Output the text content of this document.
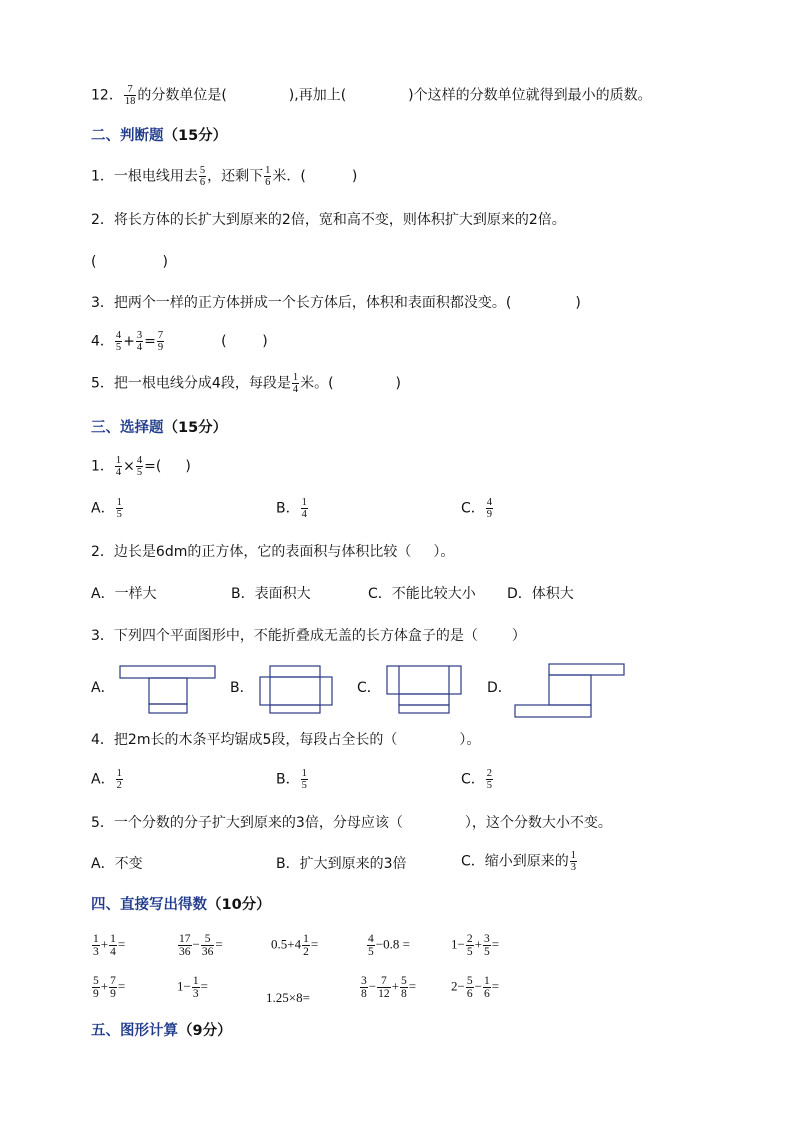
12． $\frac{7}{18}$ 的分数单位是(	),再加上(	)个这样的分数单位就得到最小的质数。
二、判断题（15分）
1．一根电线用去 $\frac{5}{6}$ ，还剩下 $\frac{1}{6}$ 米．(	)
2．将长方体的长扩大到原来的2倍，宽和高不变，则体积扩大到原来的2倍。
(	)
3．把两个一样的正方体拼成一个长方体后，体积和表面积都没变。(	)
4． $\frac{4}{5} + \frac{3}{4} = \frac{7}{9}$	(        )
5．把一根电线分成4段，每段是 $\frac{1}{4}$ 米。(	)
三、选择题（15分）
1． $\frac{1}{4} \times \frac{4}{5}$ =( )
A． $\frac{1}{5}$	B． $\frac{1}{4}$	C． $\frac{4}{9}$
2．边长是6dm的正方体，它的表面积与体积比较（ ）。
A．一样大	B．表面积大	C．不能比较大小 D．体积大
3．下列四个平面图形中，不能折叠成无盖的长方体盒子的是（ ）
A．	B．	C．	D．
4．把2m长的木条平均锯成5段，每段占全长的（	）。
A． $\frac{1}{2}$	B． $\frac{1}{5}$	C． $\frac{2}{5}$
5．一个分数的分子扩大到原来的3倍，分母应该（	），这个分数大小不变。
A．不变	B．扩大到原来的3倍	C．缩小到原来的 $\frac{1}{3}$
四、直接写出得数（10分）
$\frac{1}{3} + \frac{1}{4}$ =	$\frac{17}{36} - \frac{5}{36}$ =	$0.5+4 \frac{1}{2}$ =	$\frac{4}{5} -0.8$ =	$1- \frac{2}{5} + \frac{3}{5}$ =
$\frac{5}{9} + \frac{7}{9}$ =	$1- \frac{1}{3}$ =
1.25×8=	$\frac{3}{8} - \frac{7}{12} + \frac{5}{8}$ =	$2- \frac{5}{6} - \frac{1}{6}$ =
五、图形计算（9分）
